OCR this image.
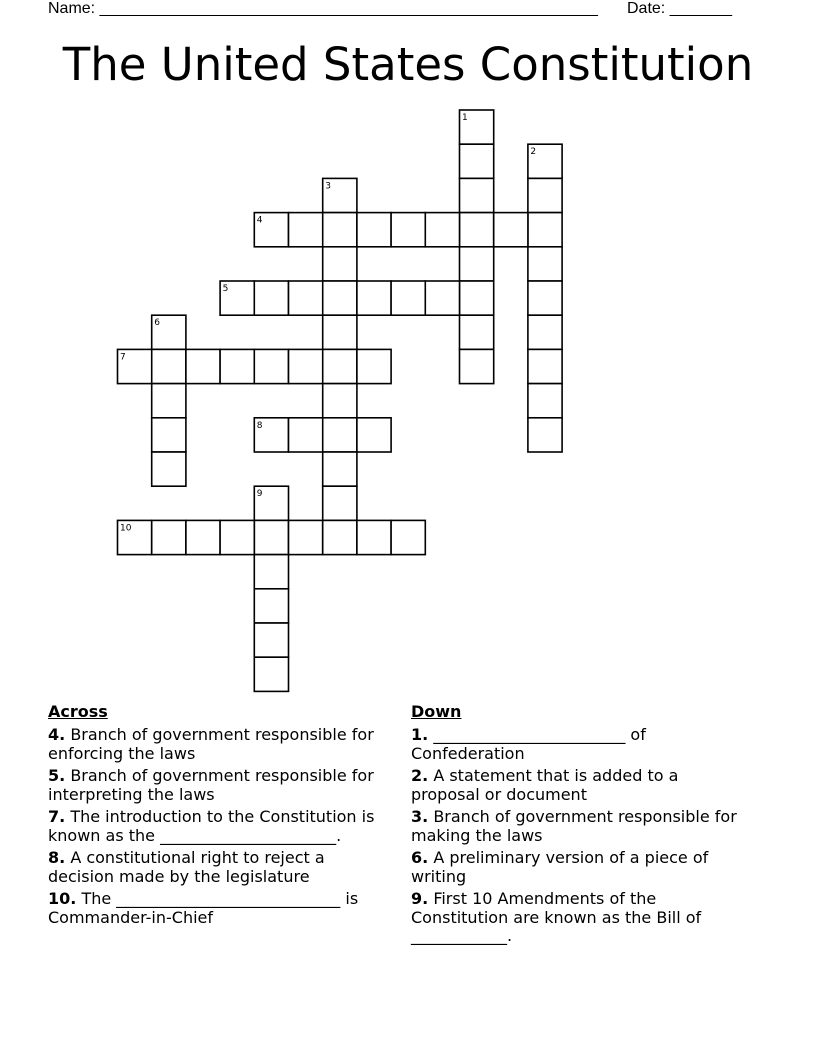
Name: ________________________________________________________ Date: _______
The United States Constitution
1
2
3
4
5
6
7
8
9
10
Across
4. Branch of government responsible for enforcing the laws
5. Branch of government responsible for interpreting the laws
7. The introduction to the Constitution is known as the ______________________.
8. A constitutional right to reject a decision made by the legislature
10. The ____________________________ is Commander-in-Chief
Down
1. ________________________ of Confederation
2. A statement that is added to a proposal or document
3. Branch of government responsible for making the laws
6. A preliminary version of a piece of writing
9. First 10 Amendments of the Constitution are known as the Bill of ____________.
